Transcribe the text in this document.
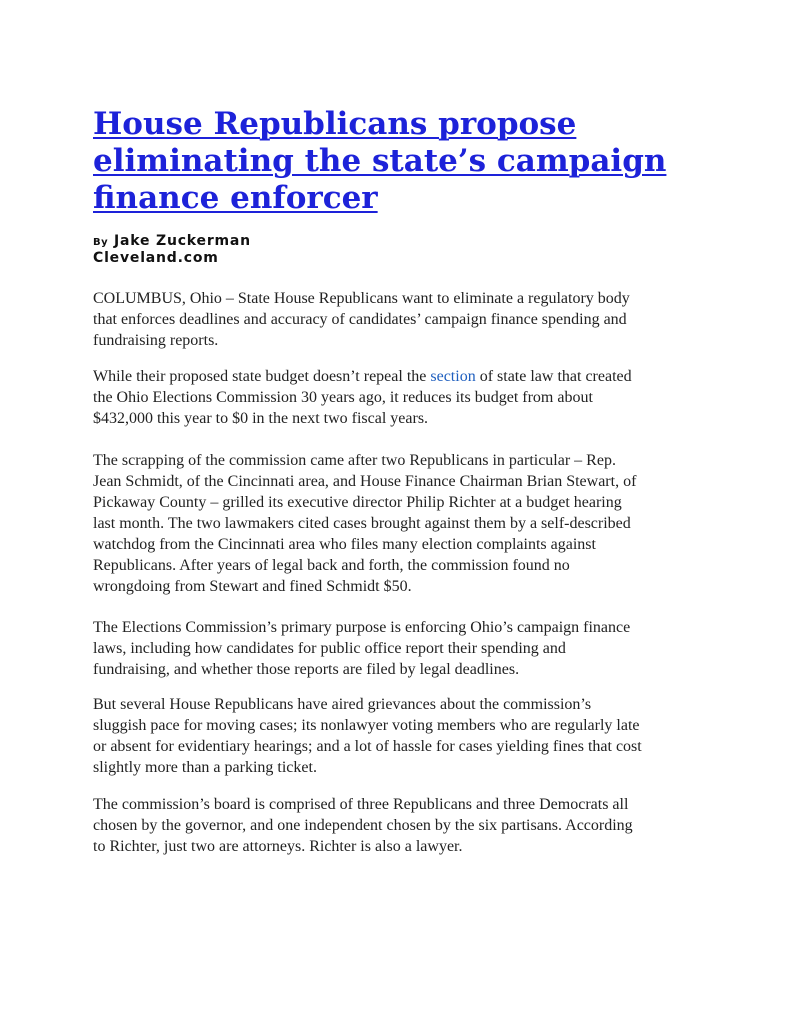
House Republicans propose
eliminating the state’s campaign
finance enforcer
By Jake Zuckerman
Cleveland.com

COLUMBUS, Ohio – State House Republicans want to eliminate a regulatory body
that enforces deadlines and accuracy of candidates’ campaign finance spending and
fundraising reports.

While their proposed state budget doesn’t repeal the section of state law that created
the Ohio Elections Commission 30 years ago, it reduces its budget from about
$432,000 this year to $0 in the next two fiscal years.

The scrapping of the commission came after two Republicans in particular – Rep.
Jean Schmidt, of the Cincinnati area, and House Finance Chairman Brian Stewart, of
Pickaway County – grilled its executive director Philip Richter at a budget hearing
last month. The two lawmakers cited cases brought against them by a self-described
watchdog from the Cincinnati area who files many election complaints against
Republicans. After years of legal back and forth, the commission found no
wrongdoing from Stewart and fined Schmidt $50.

The Elections Commission’s primary purpose is enforcing Ohio’s campaign finance
laws, including how candidates for public office report their spending and
fundraising, and whether those reports are filed by legal deadlines.

But several House Republicans have aired grievances about the commission’s
sluggish pace for moving cases; its nonlawyer voting members who are regularly late
or absent for evidentiary hearings; and a lot of hassle for cases yielding fines that cost
slightly more than a parking ticket.

The commission’s board is comprised of three Republicans and three Democrats all
chosen by the governor, and one independent chosen by the six partisans. According
to Richter, just two are attorneys. Richter is also a lawyer.
